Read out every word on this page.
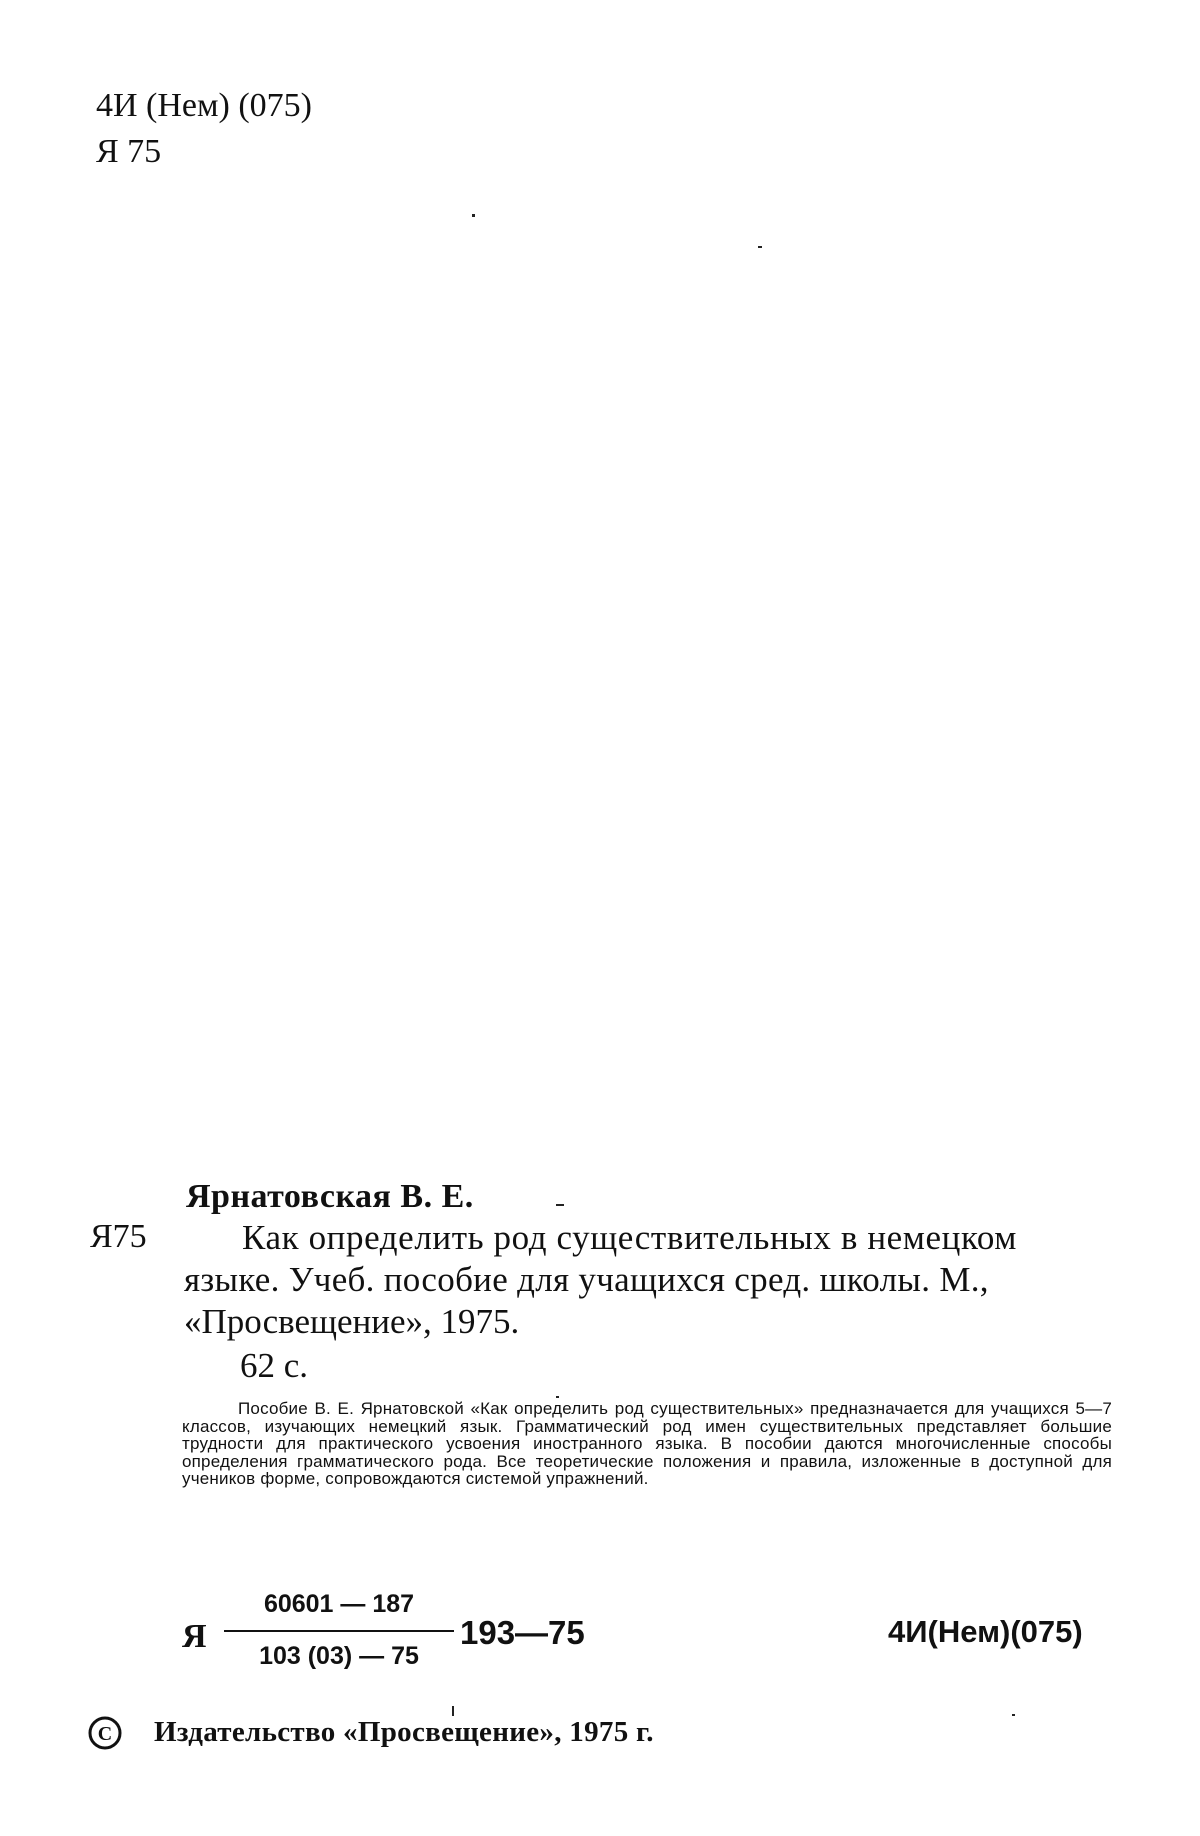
4И (Нем) (075)
Я 75
Ярнатовская В. Е.
Я75	Как определить род существительных в немецком
языке. Учеб. пособие для учащихся сред. школы. М.,
«Просвещение», 1975.
62 с.
Пособие В. Е. Ярнатовской «Как определить род существительных» предназначается для учащихся 5—7 классов, изучающих немецкий язык. Грамматический род имен существительных представляет большие трудности для практического усвоения иностранного языка. В пособии даются многочисленные способы определения грамматического рода. Все теоретические положения и правила, изложенные в доступной для учеников форме, сопровождаются системой упражнений.
Я
60601 — 187
103 (03) — 75
193—75	4И(Нем)(075)
C Издательство «Просвещение», 1975 г.
